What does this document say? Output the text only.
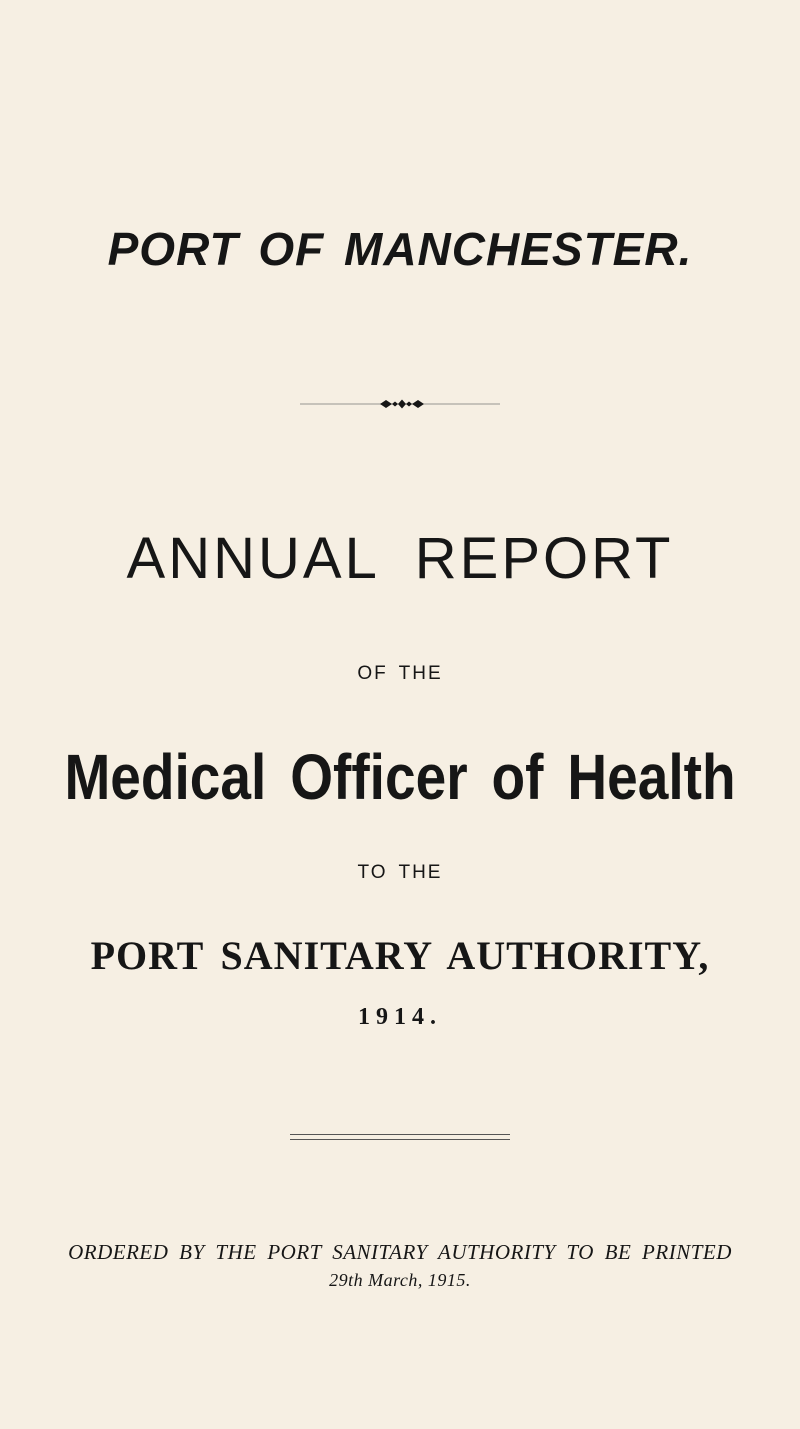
PORT OF MANCHESTER.
ANNUAL REPORT
OF THE
Medical Officer of Health
TO THE
PORT SANITARY AUTHORITY,
1914.
ORDERED BY THE PORT SANITARY AUTHORITY TO BE PRINTED
29th March, 1915.
